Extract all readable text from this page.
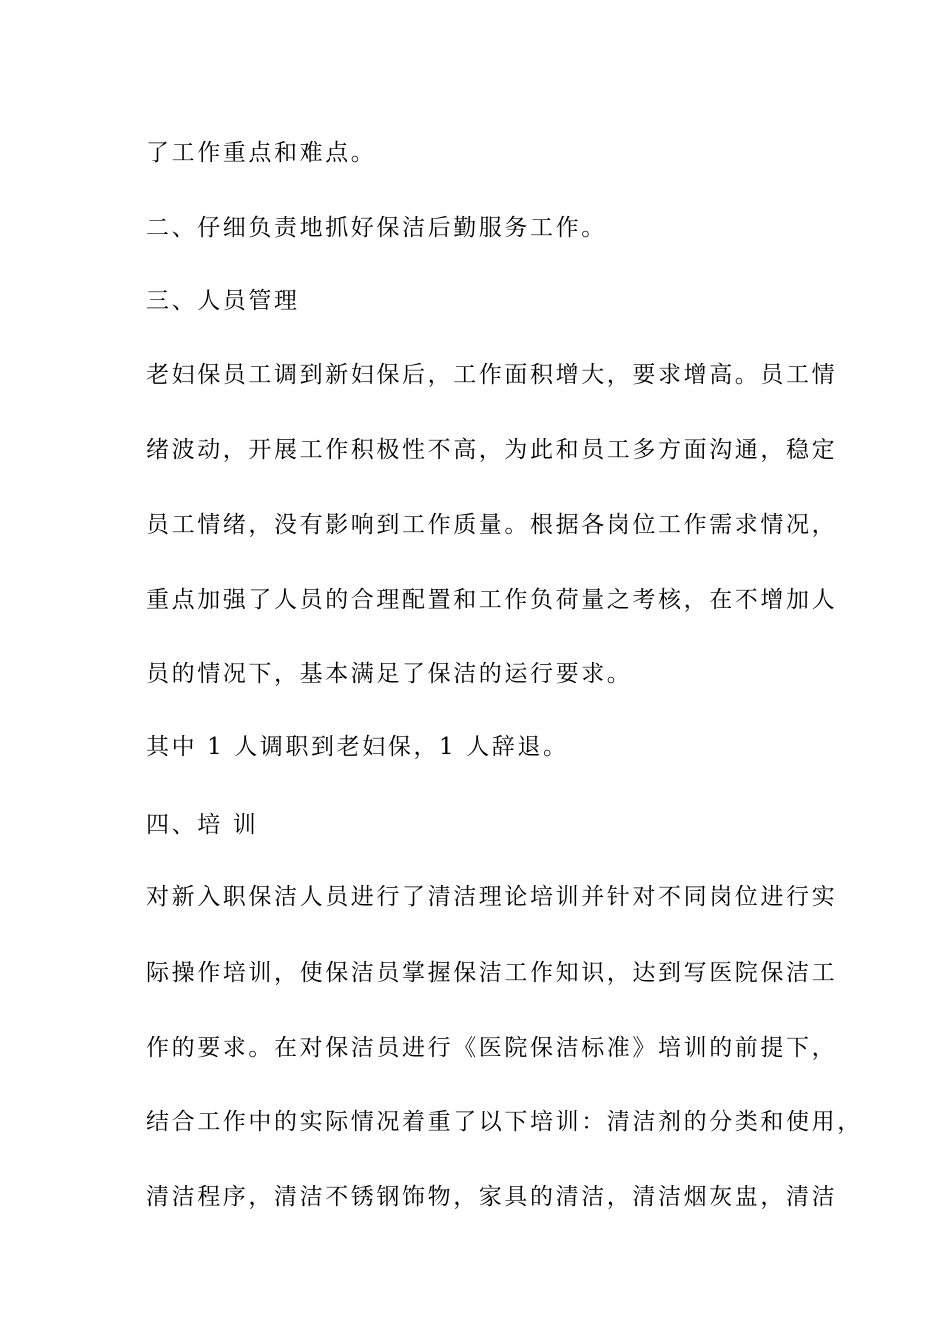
了工作重点和难点。
二、仔细负责地抓好保洁后勤服务工作。
三、人员管理
老妇保员工调到新妇保后，工作面积增大，要求增高。员工情
绪波动，开展工作积极性不高，为此和员工多方面沟通，稳定
员工情绪，没有影响到工作质量。根据各岗位工作需求情况，
重点加强了人员的合理配置和工作负荷量之考核，在不增加人
员的情况下，基本满足了保洁的运行要求。
其中 1 人调职到老妇保，1 人辞退。
四、培 训
对新入职保洁人员进行了清洁理论培训并针对不同岗位进行实
际操作培训，使保洁员掌握保洁工作知识，达到写医院保洁工
作的要求。在对保洁员进行《医院保洁标准》培训的前提下，
结合工作中的实际情况着重了以下培训：清洁剂的分类和使用，
清洁程序，清洁不锈钢饰物，家具的清洁，清洁烟灰盅，清洁
